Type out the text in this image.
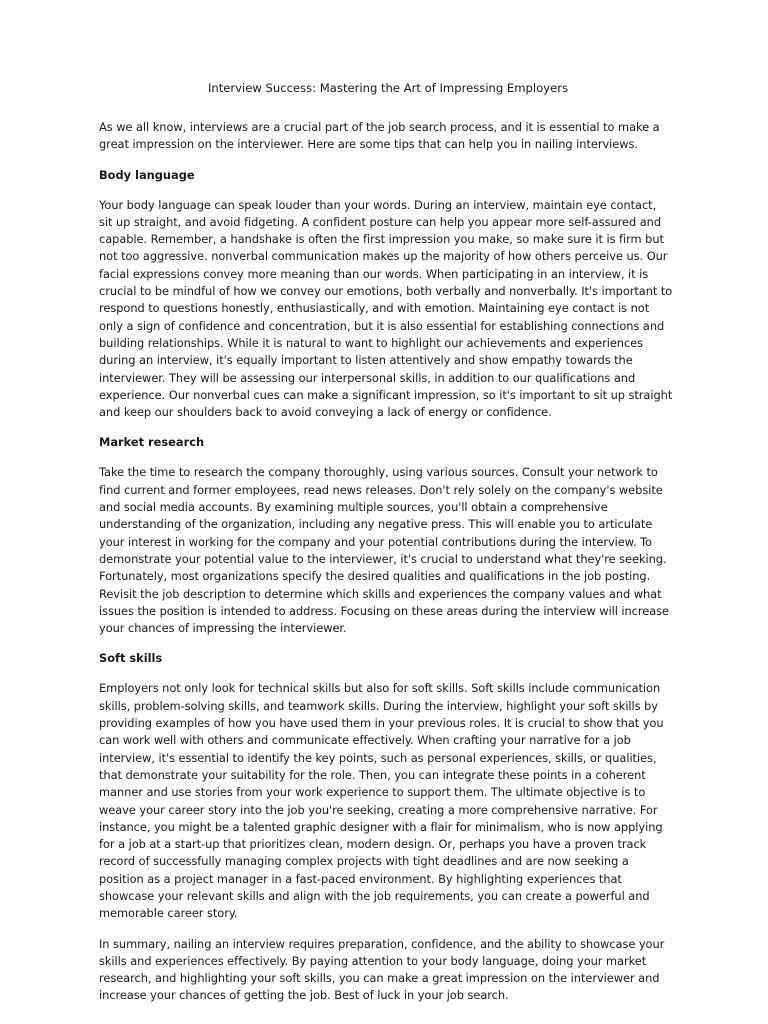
Interview Success: Mastering the Art of Impressing Employers

As we all know, interviews are a crucial part of the job search process, and it is essential to make a great impression on the interviewer. Here are some tips that can help you in nailing interviews.

Body language

Your body language can speak louder than your words. During an interview, maintain eye contact, sit up straight, and avoid fidgeting. A confident posture can help you appear more self-assured and capable. Remember, a handshake is often the first impression you make, so make sure it is firm but not too aggressive. nonverbal communication makes up the majority of how others perceive us. Our facial expressions convey more meaning than our words. When participating in an interview, it is crucial to be mindful of how we convey our emotions, both verbally and nonverbally. It's important to respond to questions honestly, enthusiastically, and with emotion. Maintaining eye contact is not only a sign of confidence and concentration, but it is also essential for establishing connections and building relationships. While it is natural to want to highlight our achievements and experiences during an interview, it's equally important to listen attentively and show empathy towards the interviewer. They will be assessing our interpersonal skills, in addition to our qualifications and experience. Our nonverbal cues can make a significant impression, so it's important to sit up straight and keep our shoulders back to avoid conveying a lack of energy or confidence.

Market research

Take the time to research the company thoroughly, using various sources. Consult your network to find current and former employees, read news releases. Don't rely solely on the company's website and social media accounts. By examining multiple sources, you'll obtain a comprehensive understanding of the organization, including any negative press. This will enable you to articulate your interest in working for the company and your potential contributions during the interview. To demonstrate your potential value to the interviewer, it's crucial to understand what they're seeking. Fortunately, most organizations specify the desired qualities and qualifications in the job posting. Revisit the job description to determine which skills and experiences the company values and what issues the position is intended to address. Focusing on these areas during the interview will increase your chances of impressing the interviewer.

Soft skills

Employers not only look for technical skills but also for soft skills. Soft skills include communication skills, problem-solving skills, and teamwork skills. During the interview, highlight your soft skills by providing examples of how you have used them in your previous roles. It is crucial to show that you can work well with others and communicate effectively. When crafting your narrative for a job interview, it's essential to identify the key points, such as personal experiences, skills, or qualities, that demonstrate your suitability for the role. Then, you can integrate these points in a coherent manner and use stories from your work experience to support them. The ultimate objective is to weave your career story into the job you're seeking, creating a more comprehensive narrative. For instance, you might be a talented graphic designer with a flair for minimalism, who is now applying for a job at a start-up that prioritizes clean, modern design. Or, perhaps you have a proven track record of successfully managing complex projects with tight deadlines and are now seeking a position as a project manager in a fast-paced environment. By highlighting experiences that showcase your relevant skills and align with the job requirements, you can create a powerful and memorable career story.

In summary, nailing an interview requires preparation, confidence, and the ability to showcase your skills and experiences effectively. By paying attention to your body language, doing your market research, and highlighting your soft skills, you can make a great impression on the interviewer and increase your chances of getting the job. Best of luck in your job search.
